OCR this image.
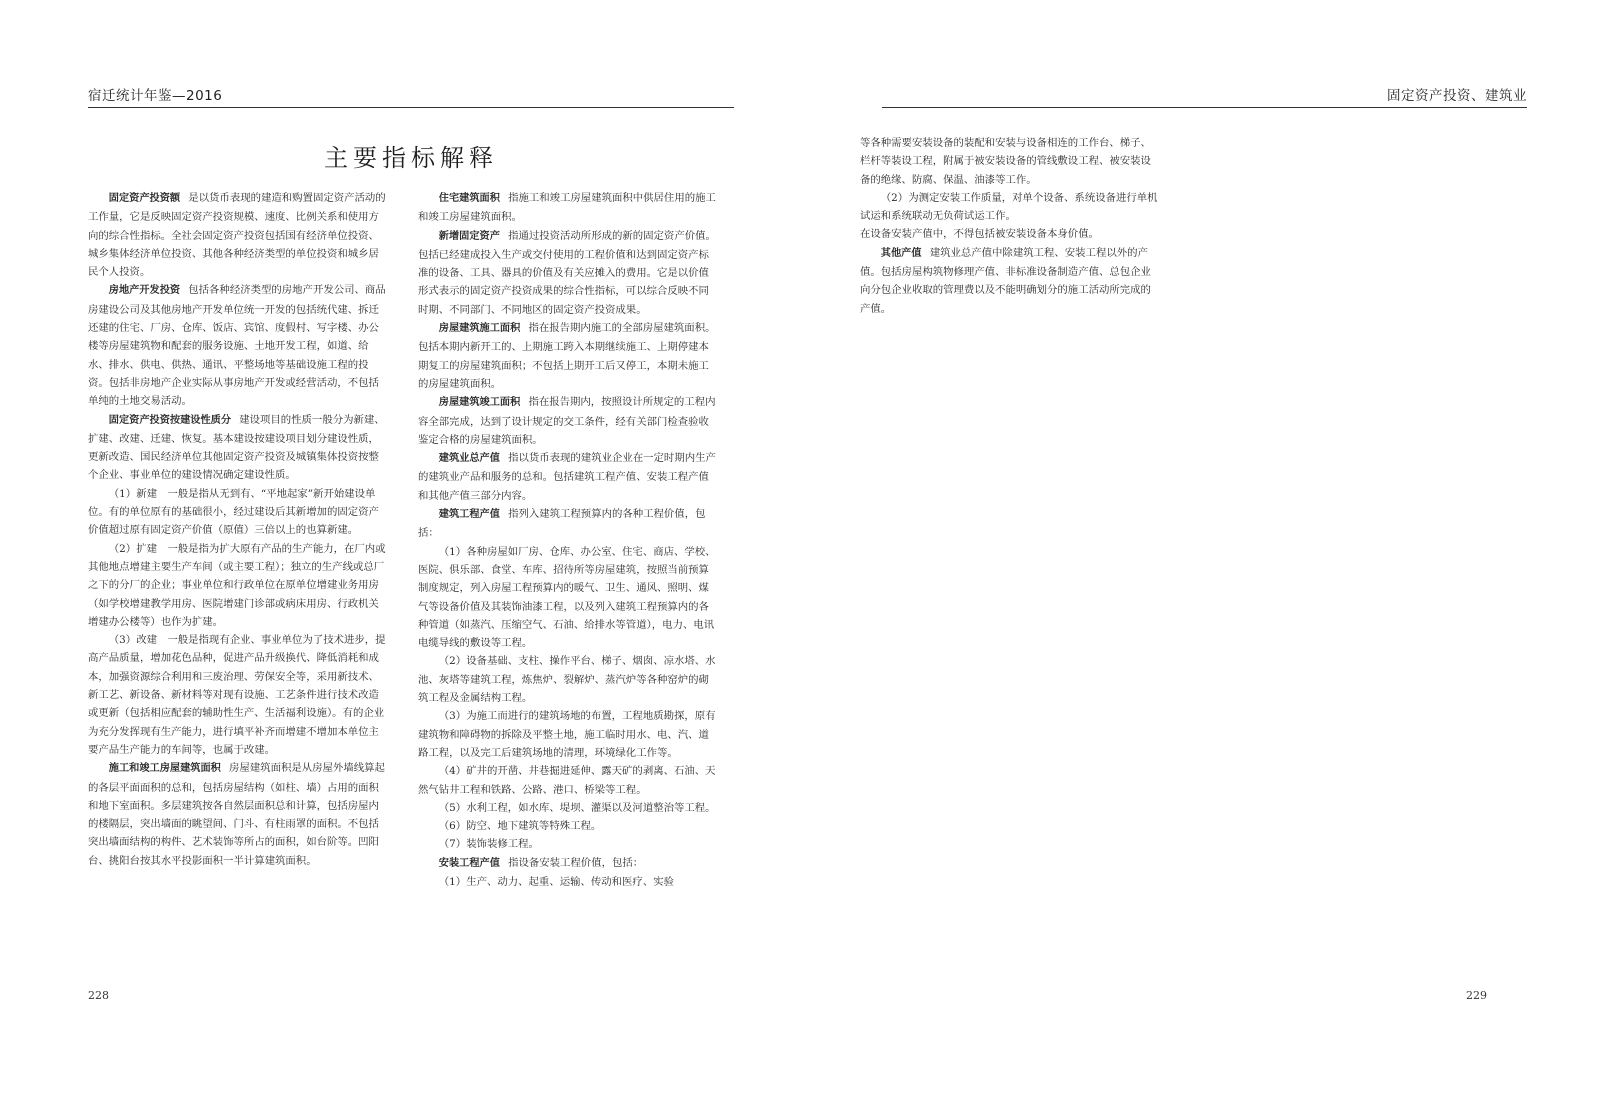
宿迁统计年鉴—2016
主要指标解释

固定资产投资额 是以货币表现的建造和购置固定资产活动的工作量，它是反映固定资产投资规模、速度、比例关系和使用方向的综合性指标。全社会固定资产投资包括国有经济单位投资、城乡集体经济单位投资、其他各种经济类型的单位投资和城乡居民个人投资。

房地产开发投资 包括各种经济类型的房地产开发公司、商品房建设公司及其他房地产开发单位统一开发的包括统代建、拆迁还建的住宅、厂房、仓库、饭店、宾馆、度假村、写字楼、办公楼等房屋建筑物和配套的服务设施、土地开发工程，如道、给水、排水、供电、供热、通讯、平整场地等基础设施工程的投资。包括非房地产企业实际从事房地产开发或经营活动，不包括单纯的土地交易活动。

固定资产投资按建设性质分 建设项目的性质一般分为新建、扩建、改建、迁建、恢复。基本建设按建设项目划分建设性质，更新改造、国民经济单位其他固定资产投资及城镇集体投资按整个企业、事业单位的建设情况确定建设性质。

（1）新建　一般是指从无到有、“平地起家”新开始建设单位。有的单位原有的基础很小，经过建设后其新增加的固定资产价值超过原有固定资产价值（原值）三倍以上的也算新建。

（2）扩建　一般是指为扩大原有产品的生产能力，在厂内或其他地点增建主要生产车间（或主要工程）；独立的生产线或总厂之下的分厂的企业；事业单位和行政单位在原单位增建业务用房（如学校增建教学用房、医院增建门诊部或病床用房、行政机关增建办公楼等）也作为扩建。

（3）改建　一般是指现有企业、事业单位为了技术进步，提高产品质量，增加花色品种，促进产品升级换代、降低消耗和成本，加强资源综合利用和三废治理、劳保安全等，采用新技术、新工艺、新设备、新材料等对现有设施、工艺条件进行技术改造或更新（包括相应配套的辅助性生产、生活福利设施）。有的企业为充分发挥现有生产能力，进行填平补齐而增建不增加本单位主要产品生产能力的车间等，也属于改建。

施工和竣工房屋建筑面积 房屋建筑面积是从房屋外墙线算起的各层平面面积的总和，包括房屋结构（如柱、墙）占用的面积和地下室面积。多层建筑按各自然层面积总和计算，包括房屋内的楼隔层，突出墙面的眺望间、门斗、有柱雨罩的面积。不包括突出墙面结构的构件、艺术装饰等所占的面积，如台阶等。凹阳台、挑阳台按其水平投影面积一半计算建筑面积。

住宅建筑面积 指施工和竣工房屋建筑面积中供居住用的施工和竣工房屋建筑面积。

新增固定资产 指通过投资活动所形成的新的固定资产价值。包括已经建成投入生产或交付使用的工程价值和达到固定资产标准的设备、工具、器具的价值及有关应摊入的费用。它是以价值形式表示的固定资产投资成果的综合性指标，可以综合反映不同时期、不同部门、不同地区的固定资产投资成果。

房屋建筑施工面积 指在报告期内施工的全部房屋建筑面积。包括本期内新开工的、上期施工跨入本期继续施工、上期停建本期复工的房屋建筑面积；不包括上期开工后又停工，本期未施工的房屋建筑面积。

房屋建筑竣工面积 指在报告期内，按照设计所规定的工程内容全部完成，达到了设计规定的交工条件，经有关部门检查验收鉴定合格的房屋建筑面积。

建筑业总产值 指以货币表现的建筑业企业在一定时期内生产的建筑业产品和服务的总和。包括建筑工程产值、安装工程产值和其他产值三部分内容。

建筑工程产值 指列入建筑工程预算内的各种工程价值，包括：

（1）各种房屋如厂房、仓库、办公室、住宅、商店、学校、医院、俱乐部、食堂、车库、招待所等房屋建筑，按照当前预算制度规定，列入房屋工程预算内的暖气、卫生、通风、照明、煤气等设备价值及其装饰油漆工程，以及列入建筑工程预算内的各种管道（如蒸汽、压缩空气、石油、给排水等管道），电力、电讯电缆导线的敷设等工程。

（2）设备基础、支柱、操作平台、梯子、烟囱、凉水塔、水池、灰塔等建筑工程，炼焦炉、裂解炉、蒸汽炉等各种窑炉的砌筑工程及金属结构工程。

（3）为施工而进行的建筑场地的布置，工程地质勘探，原有建筑物和障碍物的拆除及平整土地，施工临时用水、电、汽、道路工程，以及完工后建筑场地的清理，环境绿化工作等。

（4）矿井的开凿、井巷掘进延伸、露天矿的剥离、石油、天然气钻井工程和铁路、公路、港口、桥梁等工程。

（5）水利工程，如水库、堤坝、灌渠以及河道整治等工程。

（6）防空、地下建筑等特殊工程。

（7）装饰装修工程。

安装工程产值 指设备安装工程价值，包括：

（1）生产、动力、起重、运输、传动和医疗、实验

228
固定资产投资、建筑业
229

等各种需要安装设备的装配和安装与设备相连的工作台、梯子、栏杆等装设工程，附属于被安装设备的管线敷设工程、被安装设备的绝缘、防腐、保温、油漆等工作。

（2）为测定安装工作质量，对单个设备、系统设备进行单机试运和系统联动无负荷试运工作。

在设备安装产值中，不得包括被安装设备本身价值。

其他产值 建筑业总产值中除建筑工程、安装工程以外的产值。包括房屋构筑物修理产值、非标准设备制造产值、总包企业向分包企业收取的管理费以及不能明确划分的施工活动所完成的产值。
